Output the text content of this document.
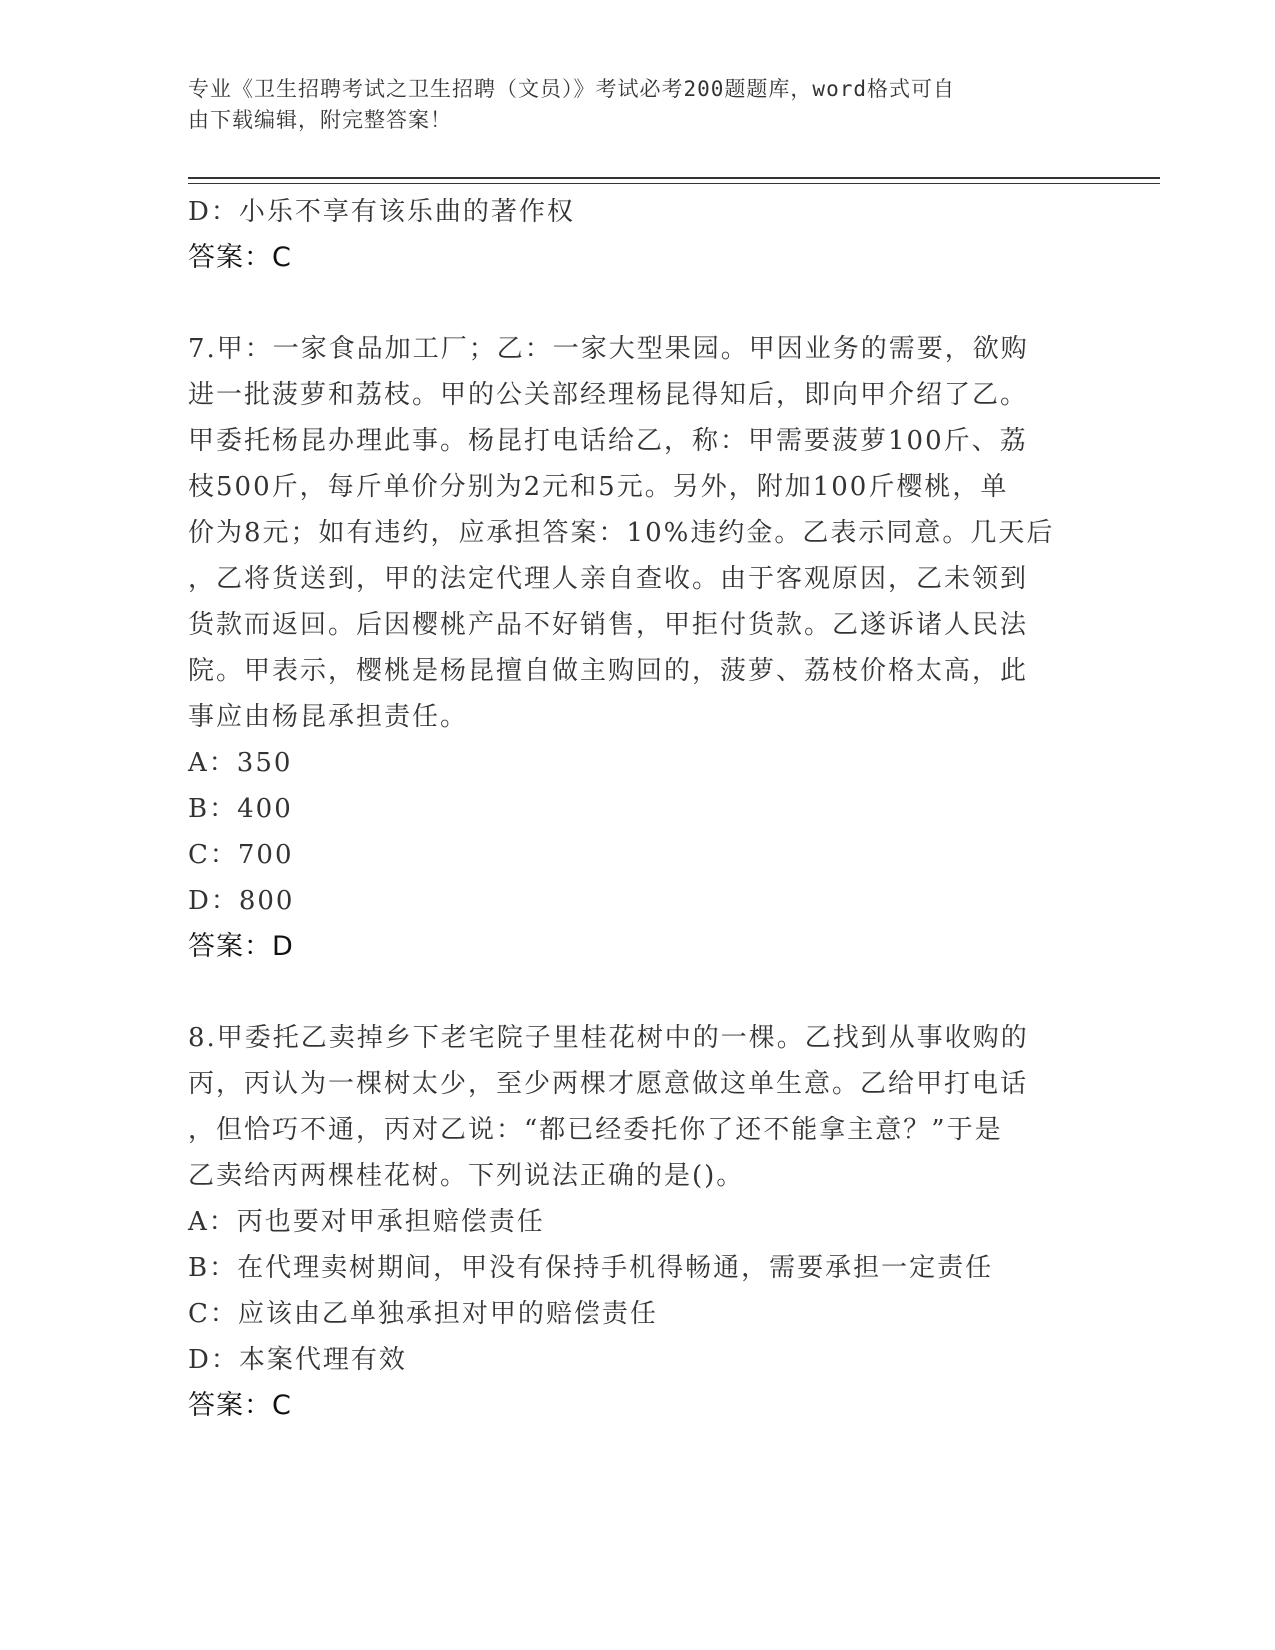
专业《卫生招聘考试之卫生招聘（文员）》考试必考200题题库，word格式可自
由下载编辑，附完整答案！
D：小乐不享有该乐曲的著作权
答案：C
7.甲：一家食品加工厂；乙：一家大型果园。甲因业务的需要，欲购
进一批菠萝和荔枝。甲的公关部经理杨昆得知后，即向甲介绍了乙。
甲委托杨昆办理此事。杨昆打电话给乙，称：甲需要菠萝100斤、荔
枝500斤，每斤单价分别为2元和5元。另外，附加100斤樱桃，单
价为8元；如有违约，应承担答案：10%违约金。乙表示同意。几天后
，乙将货送到，甲的法定代理人亲自查收。由于客观原因，乙未领到
货款而返回。后因樱桃产品不好销售，甲拒付货款。乙遂诉诸人民法
院。甲表示，樱桃是杨昆擅自做主购回的，菠萝、荔枝价格太高，此
事应由杨昆承担责任。
A：350
B：400
C：700
D：800
答案：D
8.甲委托乙卖掉乡下老宅院子里桂花树中的一棵。乙找到从事收购的
丙，丙认为一棵树太少，至少两棵才愿意做这单生意。乙给甲打电话
，但恰巧不通，丙对乙说：“都已经委托你了还不能拿主意？”于是
乙卖给丙两棵桂花树。下列说法正确的是()。
A：丙也要对甲承担赔偿责任
B：在代理卖树期间，甲没有保持手机得畅通，需要承担一定责任
C：应该由乙单独承担对甲的赔偿责任
D：本案代理有效
答案：C
